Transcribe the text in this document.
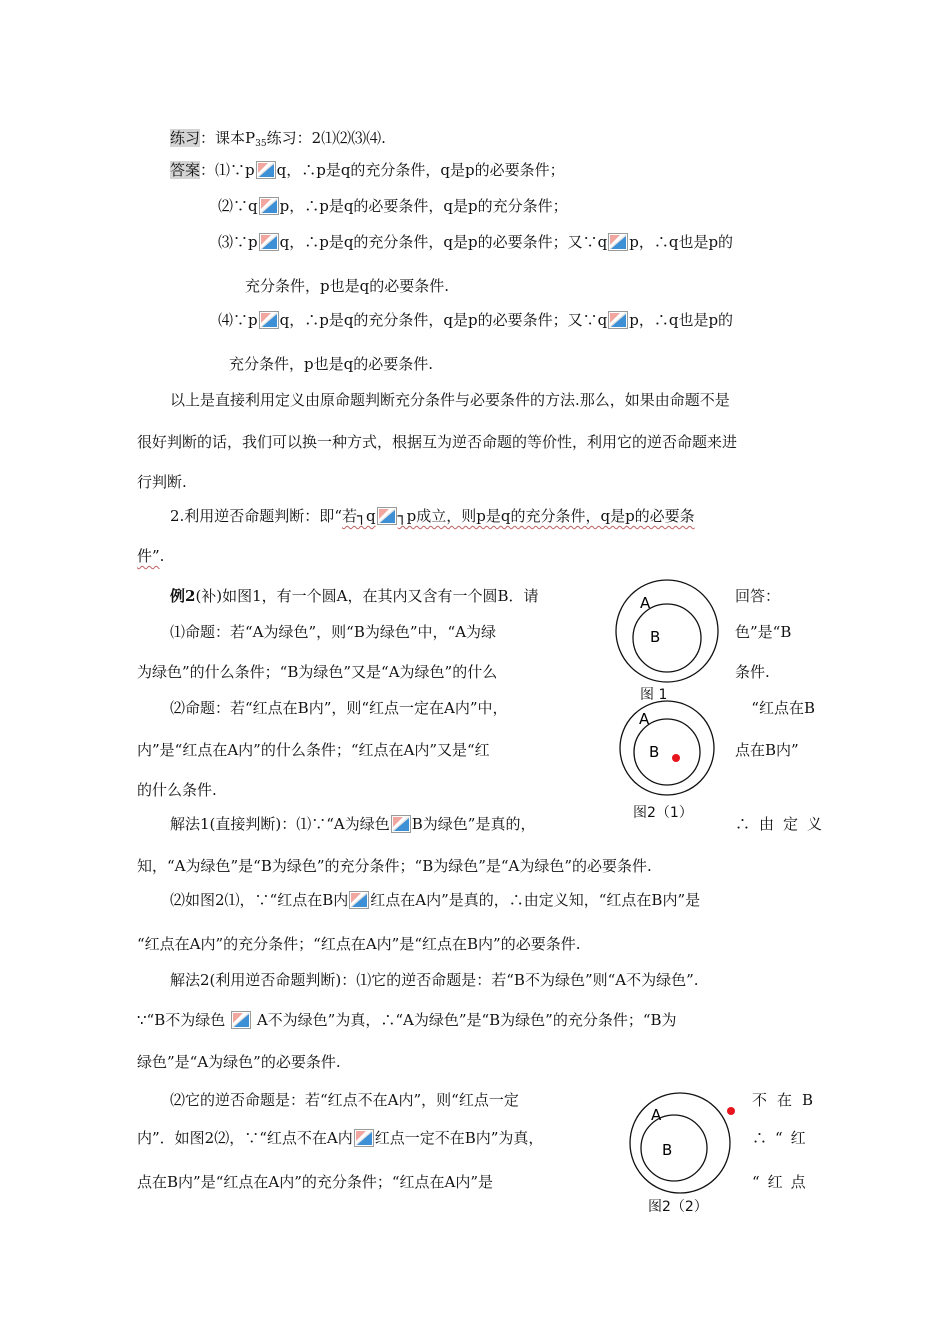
练习：课本$P_{35}$练习：2⑴⑵⑶⑷.
答案：⑴∵p q，∴p是q的充分条件，q是p的必要条件；
⑵∵q p，∴p是q的必要条件，q是p的充分条件；
⑶∵p q，∴p是q的充分条件，q是p的必要条件；又∵q p，∴q也是p的
充分条件，p也是q的必要条件.
⑷∵p q，∴p是q的充分条件，q是p的必要条件；又∵q p，∴q也是p的
充分条件，p也是q的必要条件.
以上是直接利用定义由原命题判断充分条件与必要条件的方法.那么，如果由命题不是
很好判断的话，我们可以换一种方式，根据互为逆否命题的等价性，利用它的逆否命题来进
行判断.
2.利用逆否命题判断：即“若┐q ┐p成立，则p是q的充分条件，q是p的必要条
件”.
例2(补)如图1，有一个圆A，在其内又含有一个圆B．请	回答：
⑴命题：若“A为绿色”，则“B为绿色”中，“A为绿	色”是“B
为绿色”的什么条件；“B为绿色”又是“A为绿色”的什么	条件.
⑵命题：若“红点在B内”，则“红点一定在A内”中，	“红点在B
内”是“红点在A内”的什么条件；“红点在A内”又是“红	点在B内”
的什么条件.
解法1(直接判断)：⑴∵“A为绿色 B为绿色”是真的，	∴由定义
知，“A为绿色”是“B为绿色”的充分条件；“B为绿色”是“A为绿色”的必要条件.
⑵如图2⑴，∵“红点在B内 红点在A内”是真的，∴由定义知，“红点在B内”是
“红点在A内”的充分条件；“红点在A内”是“红点在B内”的必要条件.
解法2(利用逆否命题判断)：⑴它的逆否命题是：若“B不为绿色”则“A不为绿色”.
∵“B不为绿色 A不为绿色”为真，∴“A为绿色”是“B为绿色”的充分条件；“B为
绿色”是“A为绿色”的必要条件.
⑵它的逆否命题是：若“红点不在A内”，则“红点一定	不在B
内”．如图2⑵，∵“红点不在A内 红点一定不在B内”为真，	∴“红
点在B内”是“红点在A内”的充分条件；“红点在A内”是	“红点
A
B
图 1
A
B
图2（1）
A
B
图2（2）
